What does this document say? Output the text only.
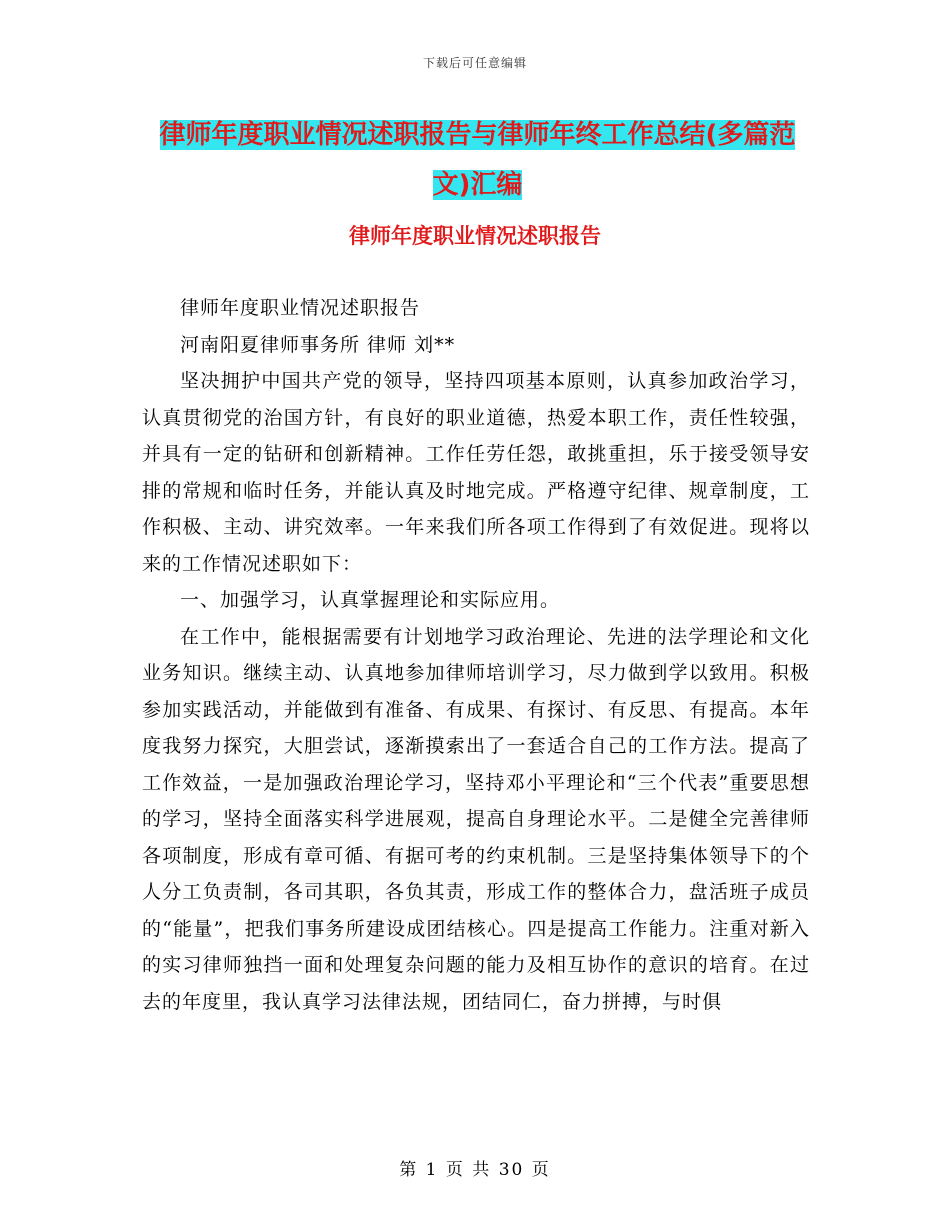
下载后可任意编辑
律师年度职业情况述职报告与律师年终工作总结(多篇范文)汇编
律师年度职业情况述职报告

律师年度职业情况述职报告

河南阳夏律师事务所 律师 刘**

坚决拥护中国共产党的领导，坚持四项基本原则，认真参加政治学习，认真贯彻党的治国方针，有良好的职业道德，热爱本职工作，责任性较强，并具有一定的钻研和创新精神。工作任劳任怨，敢挑重担，乐于接受领导安排的常规和临时任务，并能认真及时地完成。严格遵守纪律、规章制度，工作积极、主动、讲究效率。一年来我们所各项工作得到了有效促进。现将以来的工作情况述职如下：

一、加强学习，认真掌握理论和实际应用。

在工作中，能根据需要有计划地学习政治理论、先进的法学理论和文化业务知识。继续主动、认真地参加律师培训学习，尽力做到学以致用。积极参加实践活动，并能做到有准备、有成果、有探讨、有反思、有提高。本年度我努力探究，大胆尝试，逐渐摸索出了一套适合自己的工作方法。提高了工作效益，一是加强政治理论学习，坚持邓小平理论和“三个代表”重要思想的学习，坚持全面落实科学进展观，提高自身理论水平。二是健全完善律师各项制度，形成有章可循、有据可考的约束机制。三是坚持集体领导下的个人分工负责制，各司其职，各负其责，形成工作的整体合力，盘活班子成员的“能量”，把我们事务所建设成团结核心。四是提高工作能力。注重对新入的实习律师独挡一面和处理复杂问题的能力及相互协作的意识的培育。在过去的年度里，我认真学习法律法规，团结同仁，奋力拼搏，与时俱

第 1 页 共 30 页
